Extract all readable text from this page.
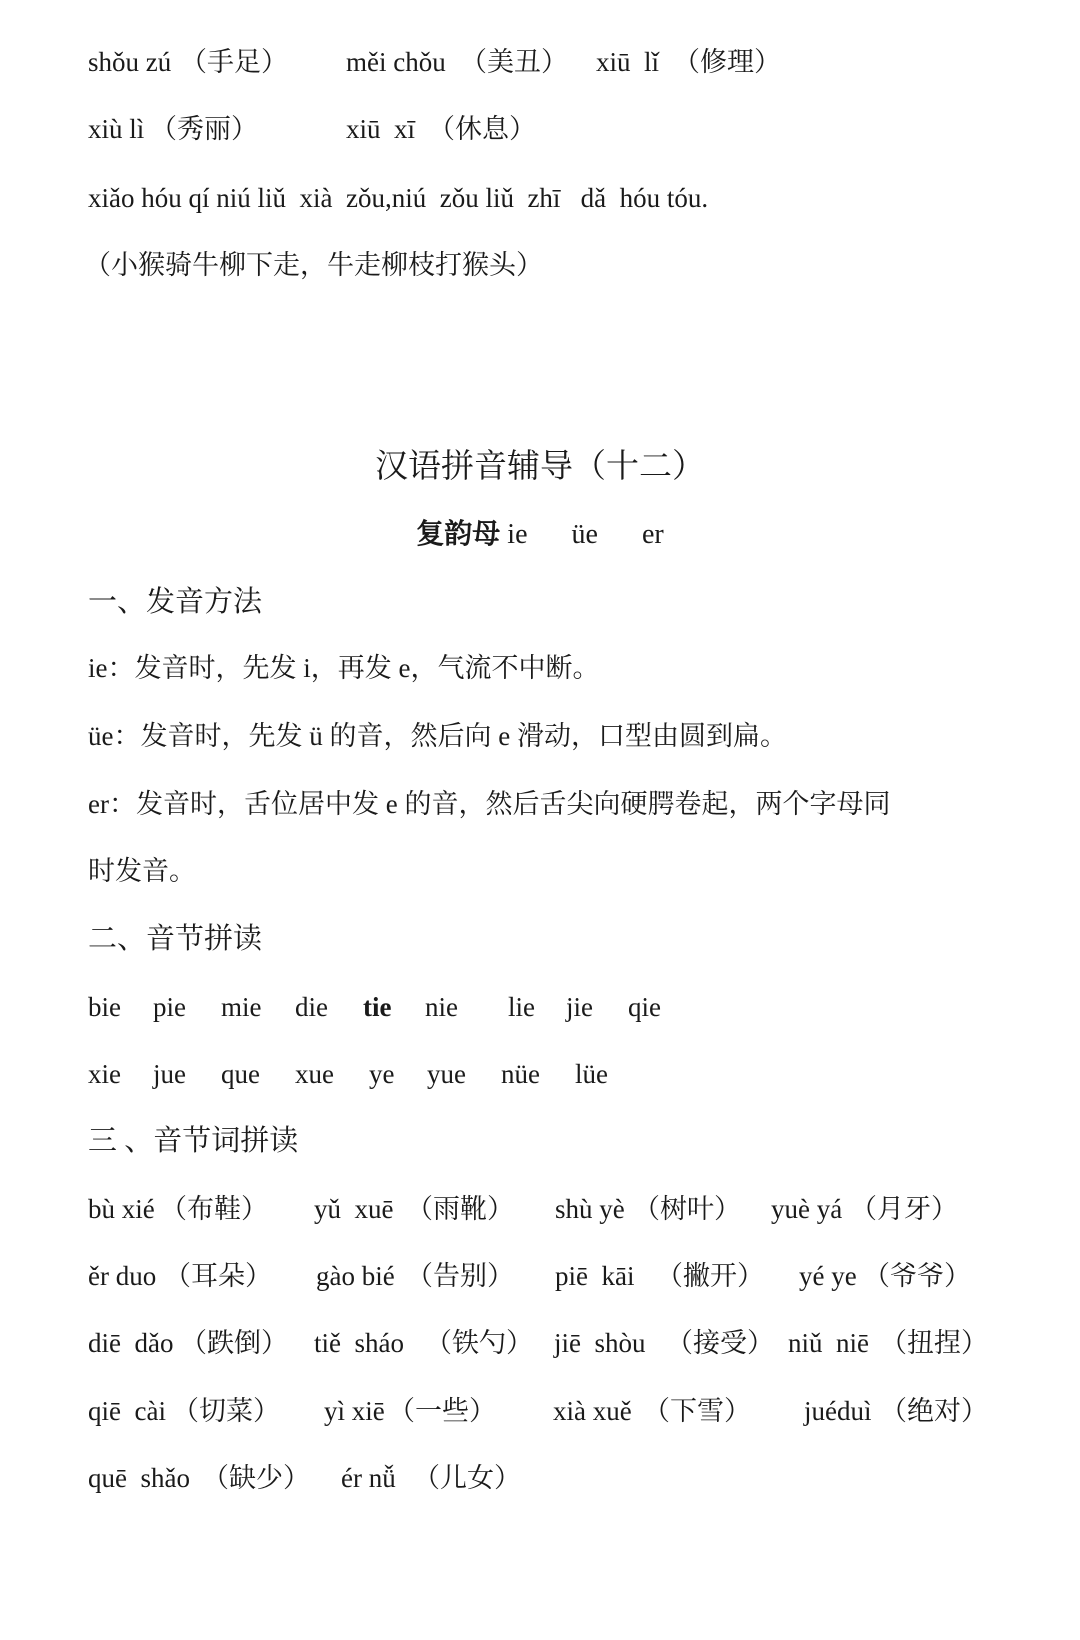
shǒu zú （手足） měi chǒu （美丑） xiū  lǐ （修理）
xiù lì （秀丽）	xiū  xī （休息）
xiǎo hóu qí niú liǔ  xià  zǒu,niú  zǒu liǔ  zhī   dǎ  hóu tóu.
（小猴骑牛柳下走，牛走柳枝打猴头）
汉语拼音辅导（十二）
复韵母 ie üe er
一、发音方法
ie：发音时，先发 i，再发 e，气流不中断。
üe：发音时，先发 ü 的音，然后向 e 滑动，口型由圆到扁。
er：发音时，舌位居中发 e 的音，然后舌尖向硬腭卷起，两个字母同
时发音。
二、音节拼读
bie pie mie die tie nie lie jie qie
xie jue que xue ye yue nüe lüe
三 、音节词拼读
bù xié （布鞋） yǔ  xuē （雨靴） shù yè （树叶） yuè yá （月牙）
ěr duo （耳朵） gào bié （告别） piē  kāi （撇开） yé ye （爷爷）
diē  dǎo （跌倒） tiě  sháo （铁勺） jiē  shòu （接受） niǔ  niē （扭捏）
qiē  cài （切菜） yì xiē （一些） xià xuě （下雪） juéduì （绝对）
quē  shǎo （缺少） ér nǚ （儿女）
